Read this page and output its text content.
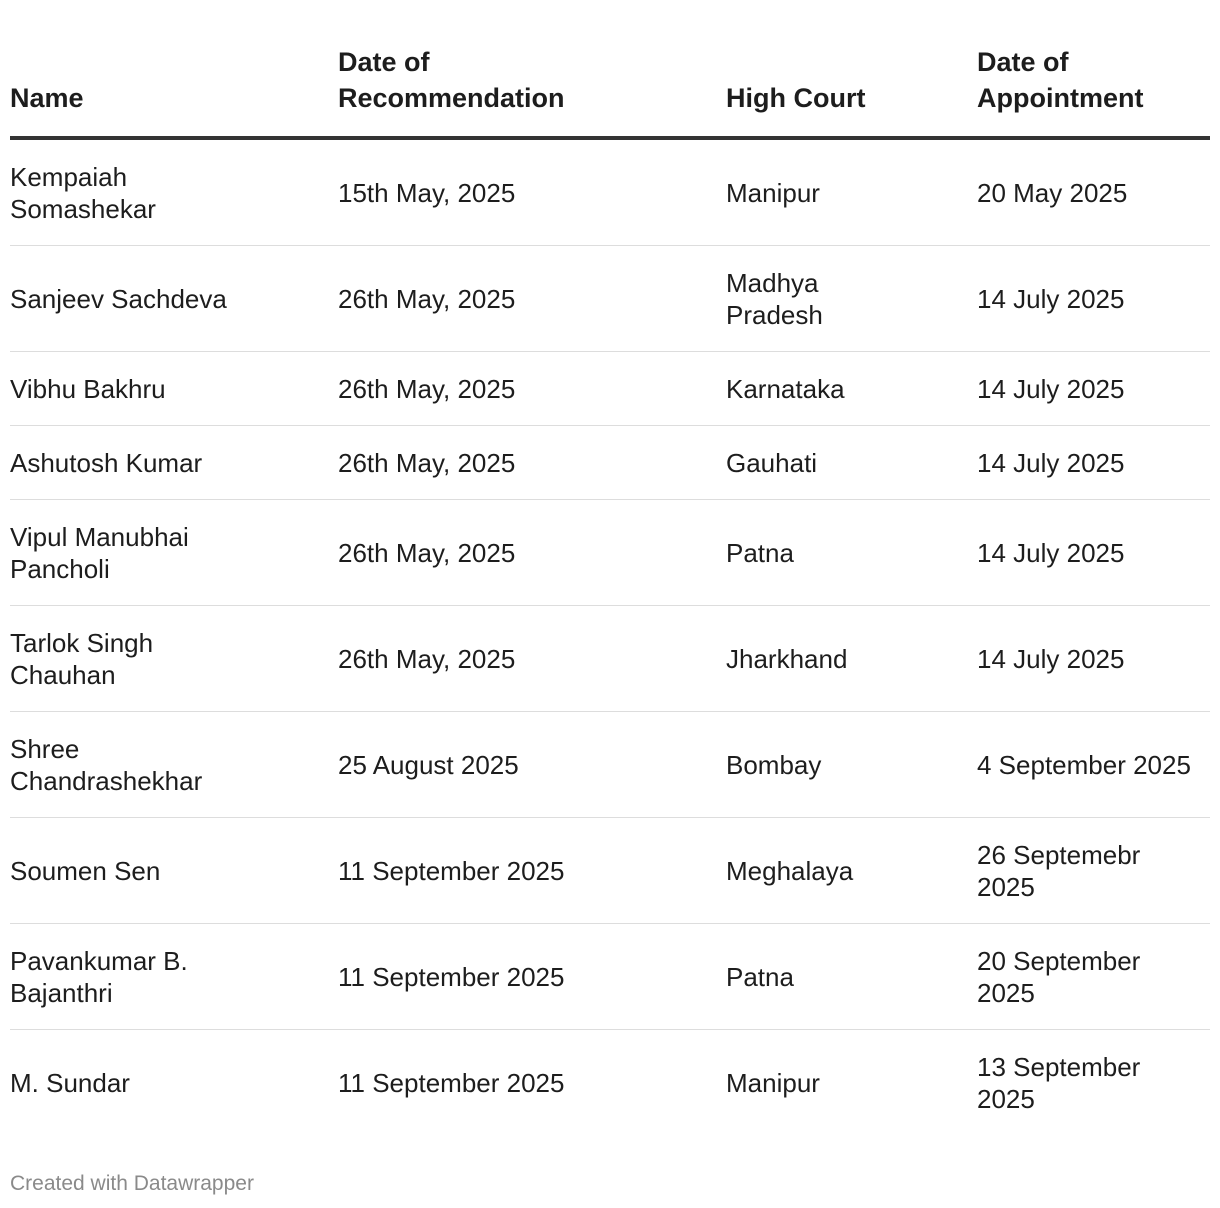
Name	Date of Recommendation	High Court	Date of Appointment
Kempaiah Somashekar	15th May, 2025	Manipur	20 May 2025
Sanjeev Sachdeva	26th May, 2025	Madhya Pradesh	14 July 2025
Vibhu Bakhru	26th May, 2025	Karnataka	14 July 2025
Ashutosh Kumar	26th May, 2025	Gauhati	14 July 2025
Vipul Manubhai Pancholi	26th May, 2025	Patna	14 July 2025
Tarlok Singh Chauhan	26th May, 2025	Jharkhand	14 July 2025
Shree Chandrashekhar	25 August 2025	Bombay	4 September 2025
Soumen Sen	11 September 2025	Meghalaya	26 Septemebr 2025
Pavankumar B. Bajanthri	11 September 2025	Patna	20 September 2025
M. Sundar	11 September 2025	Manipur	13 September 2025
Created with Datawrapper
